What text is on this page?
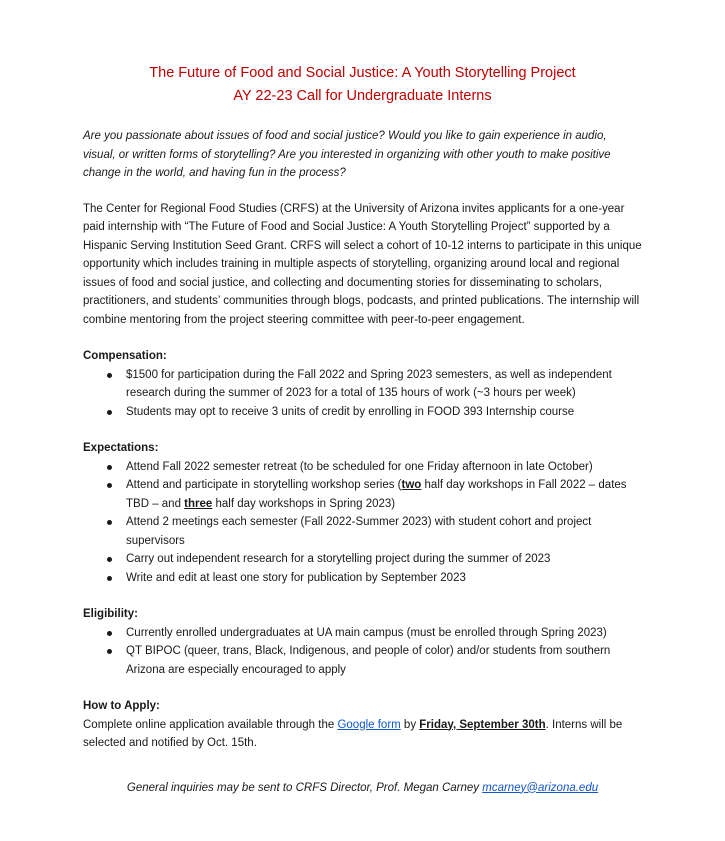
The Future of Food and Social Justice: A Youth Storytelling Project

AY 22-23 Call for Undergraduate Interns

Are you passionate about issues of food and social justice? Would you like to gain experience in audio, visual, or written forms of storytelling? Are you interested in organizing with other youth to make positive change in the world, and having fun in the process?
The Center for Regional Food Studies (CRFS) at the University of Arizona invites applicants for a one-year paid internship with “The Future of Food and Social Justice: A Youth Storytelling Project” supported by a Hispanic Serving Institution Seed Grant. CRFS will select a cohort of 10-12 interns to participate in this unique opportunity which includes training in multiple aspects of storytelling, organizing around local and regional issues of food and social justice, and collecting and documenting stories for disseminating to scholars, practitioners, and students’ communities through blogs, podcasts, and printed publications. The internship will combine mentoring from the project steering committee with peer-to-peer engagement.
Compensation:
$1500 for participation during the Fall 2022 and Spring 2023 semesters, as well as independent research during the summer of 2023 for a total of 135 hours of work (~3 hours per week)
Students may opt to receive 3 units of credit by enrolling in FOOD 393 Internship course
Expectations:
Attend Fall 2022 semester retreat (to be scheduled for one Friday afternoon in late October)
Attend and participate in storytelling workshop series (two half day workshops in Fall 2022 – dates TBD – and three half day workshops in Spring 2023)
Attend 2 meetings each semester (Fall 2022-Summer 2023) with student cohort and project supervisors
Carry out independent research for a storytelling project during the summer of 2023
Write and edit at least one story for publication by September 2023
Eligibility:
Currently enrolled undergraduates at UA main campus (must be enrolled through Spring 2023)
QT BIPOC (queer, trans, Black, Indigenous, and people of color) and/or students from southern Arizona are especially encouraged to apply
How to Apply:
Complete online application available through the Google form by Friday, September 30th. Interns will be selected and notified by Oct. 15th.
General inquiries may be sent to CRFS Director, Prof. Megan Carney mcarney@arizona.edu
